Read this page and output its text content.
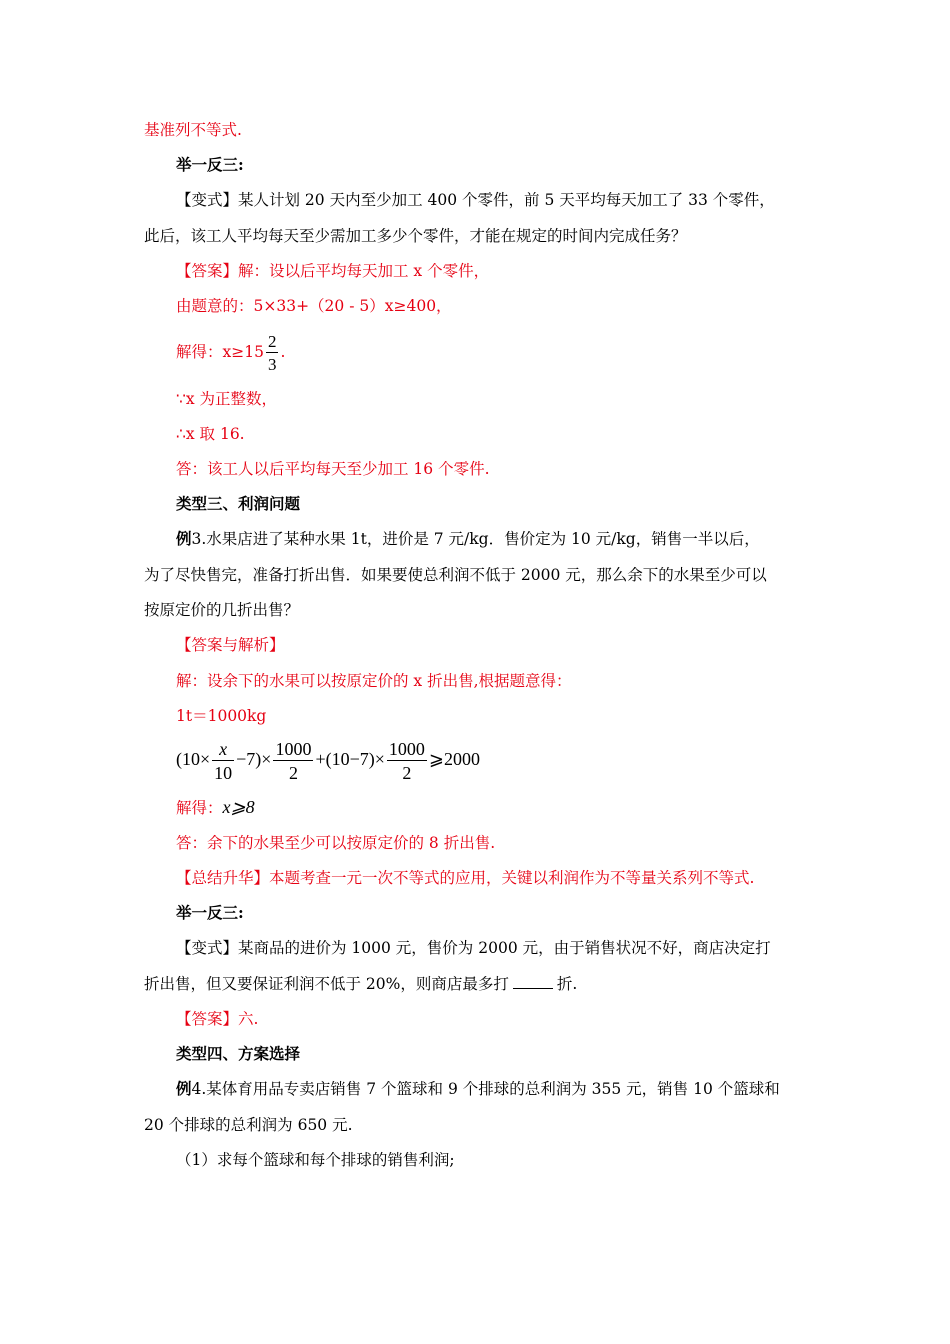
基准列不等式.
举一反三:
【变式】某人计划 20 天内至少加工 400 个零件，前 5 天平均每天加工了 33 个零件，
此后，该工人平均每天至少需加工多少个零件，才能在规定的时间内完成任务？
【答案】解：设以后平均每天加工 x 个零件，
由题意的：5×33+（20 - 5）x≥400，
解得：$x\ge 15 \frac{2}{3}$ .
∵x 为正整数，
∴x 取 16.
答：该工人以后平均每天至少加工 16 个零件.
类型三、利润问题
例3.水果店进了某种水果 1t，进价是 7 元/kg．售价定为 10 元/kg，销售一半以后，
为了尽快售完，准备打折出售．如果要使总利润不低于 2000 元，那么余下的水果至少可以
按原定价的几折出售？
【答案与解析】
解：设余下的水果可以按原定价的 x 折出售,根据题意得：
1t＝1000kg
$(10\times \frac{x}{10} -7)\times \frac{1000}{2} +(10-7)\times \frac{1000}{2}$ ⩾2000
解得：x⩾8
答：余下的水果至少可以按原定价的 8 折出售.
【总结升华】本题考查一元一次不等式的应用，关键以利润作为不等量关系列不等式.
举一反三:
【变式】某商品的进价为 1000 元，售价为 2000 元，由于销售状况不好，商店决定打
折出售，但又要保证利润不低于 20%，则商店最多打	折.
【答案】六.
类型四、方案选择
例4.某体育用品专卖店销售 7 个篮球和 9 个排球的总利润为 355 元，销售 10 个篮球和
20 个排球的总利润为 650 元.
（1）求每个篮球和每个排球的销售利润;
